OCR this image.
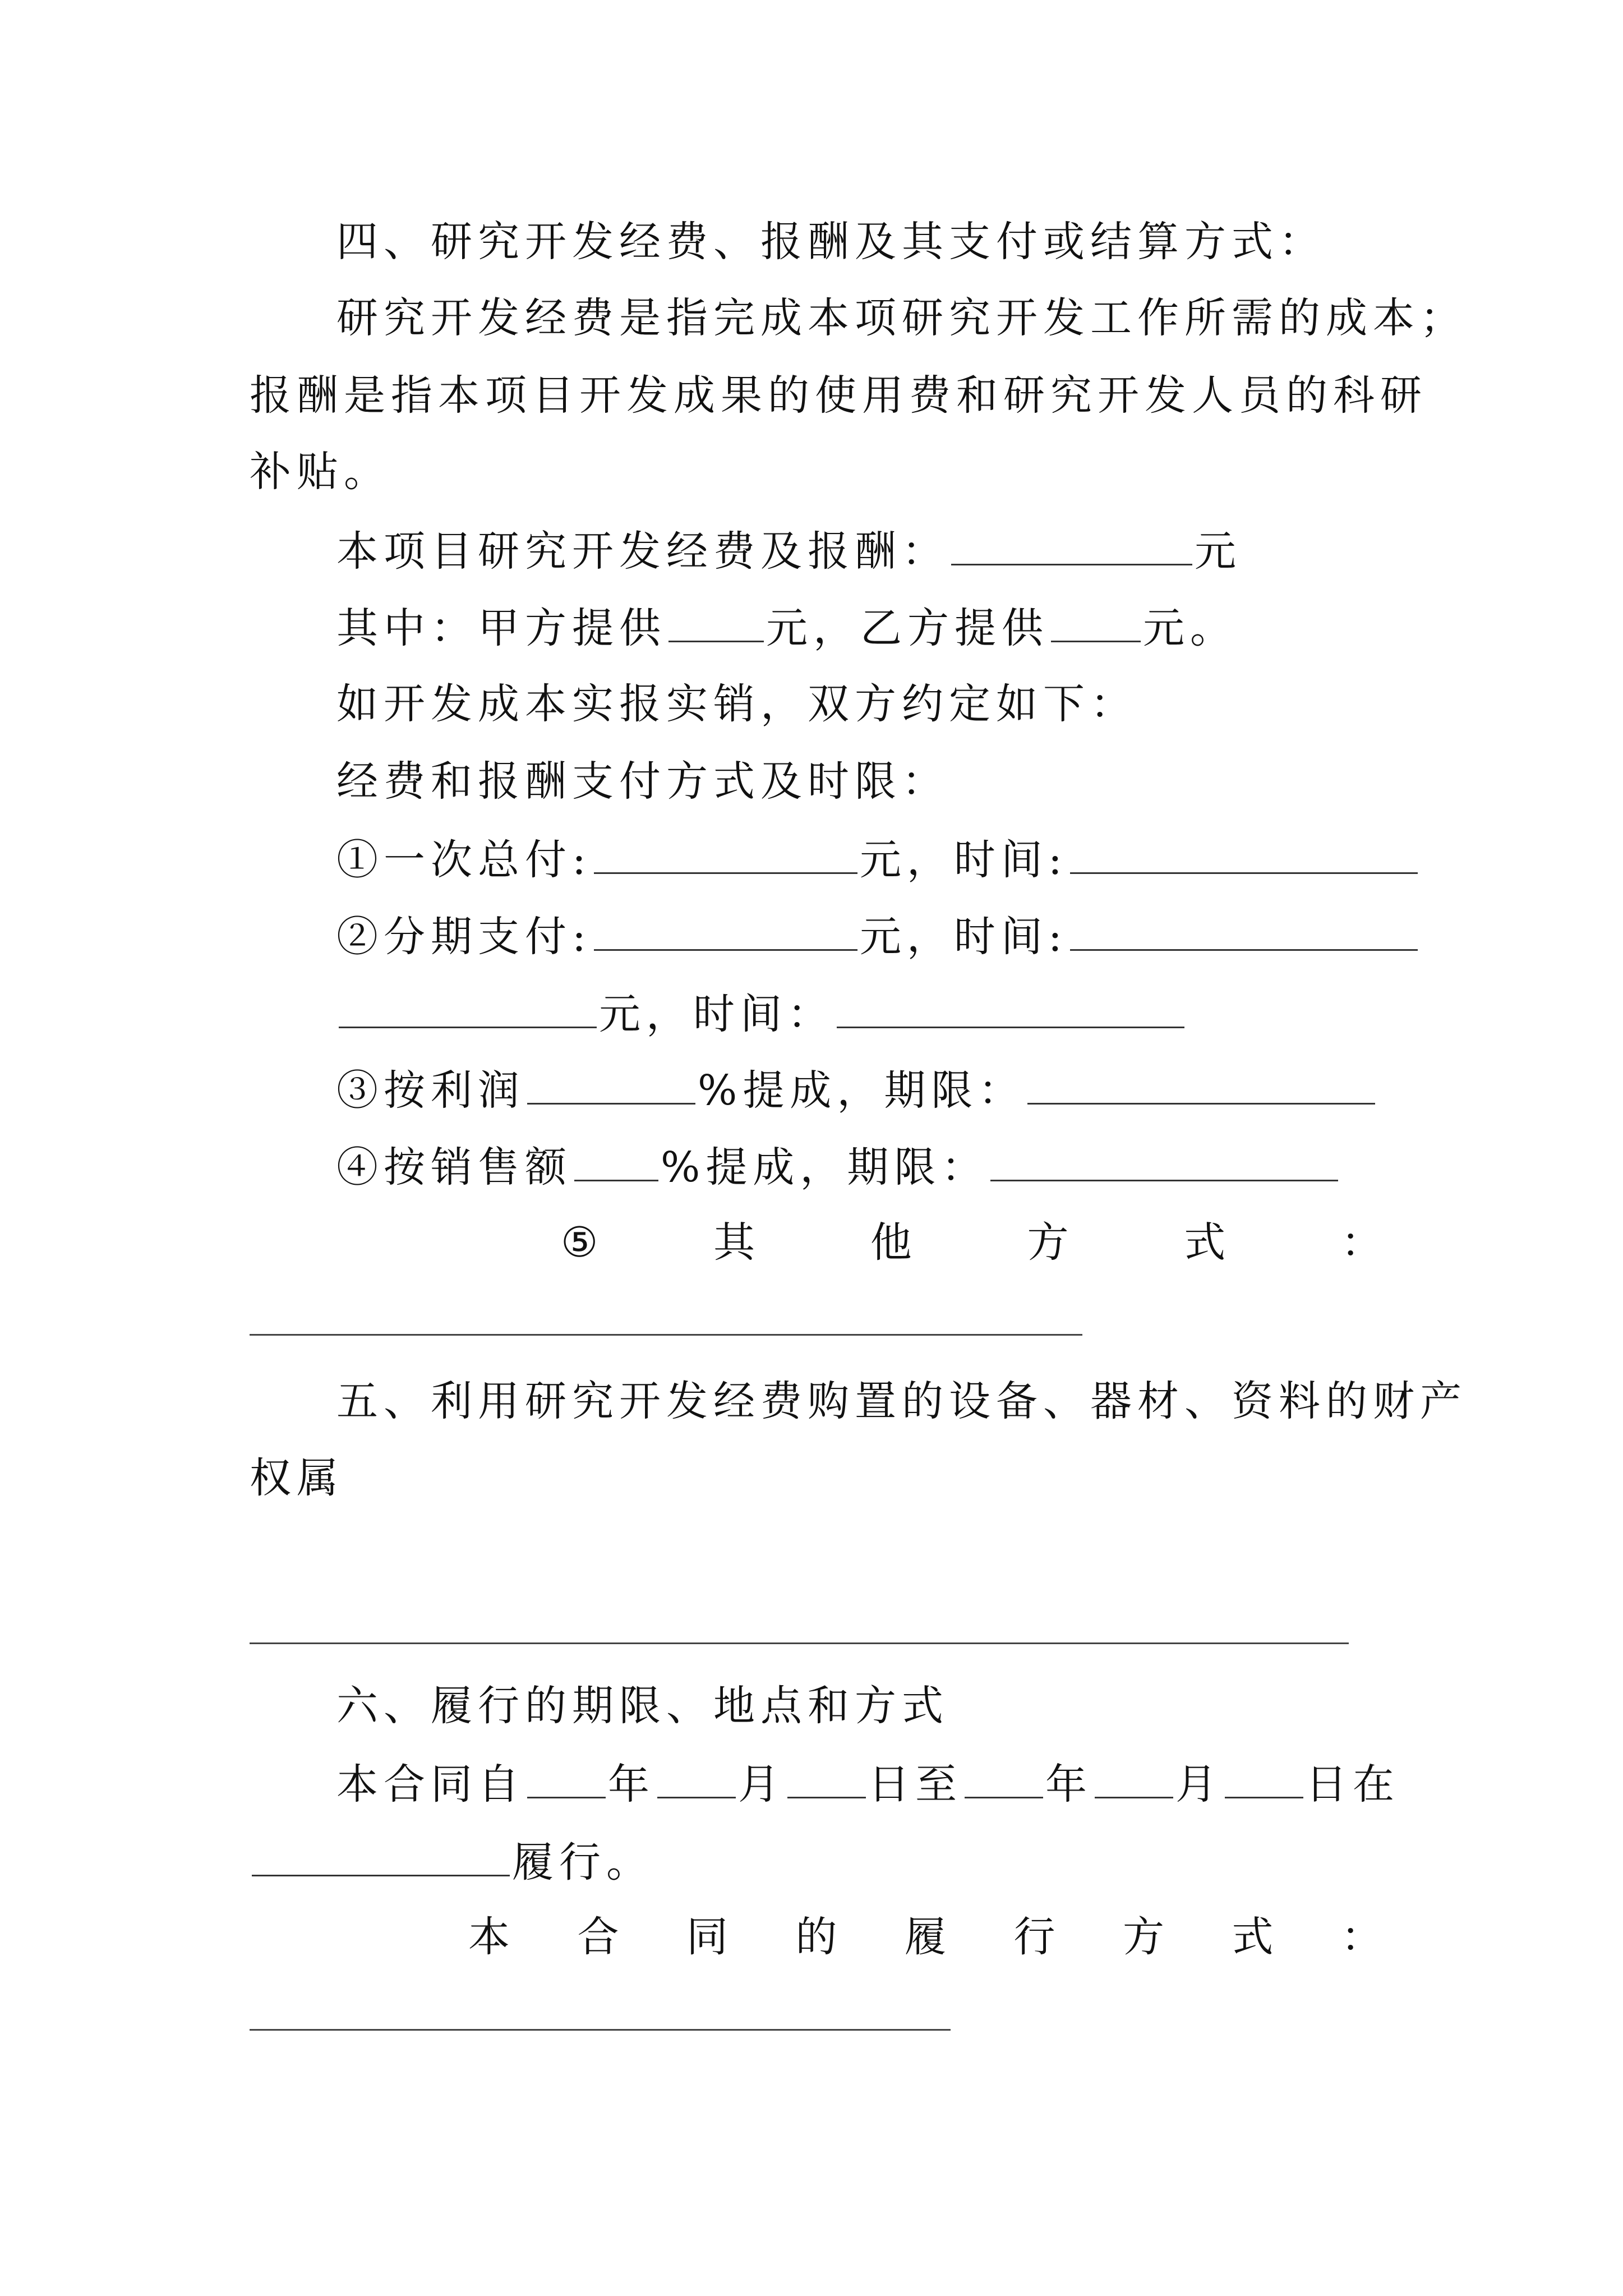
四、研究开发经费、报酬及其支付或结算方式：
研究开发经费是指完成本项研究开发工作所需的成本；
报酬是指本项目开发成果的使用费和研究开发人员的科研
补贴。
本项目研究开发经费及报酬：	元
其中：甲方提供 元，乙方提供 元。
如开发成本实报实销，双方约定如下：
经费和报酬支付方式及时限：
①一次总付:	元，时间:
②分期支付:	元，时间:
元，时间：
③按利润	%提成，期限：
④按销售额 %提成，期限：
⑤	其	他	方	式	：
五、利用研究开发经费购置的设备、器材、资料的财产
权属
六、履行的期限、地点和方式
本合同自 年 月 日至 年 月 日在
履行。
本 合 同 的 履 行 方 式 ：
